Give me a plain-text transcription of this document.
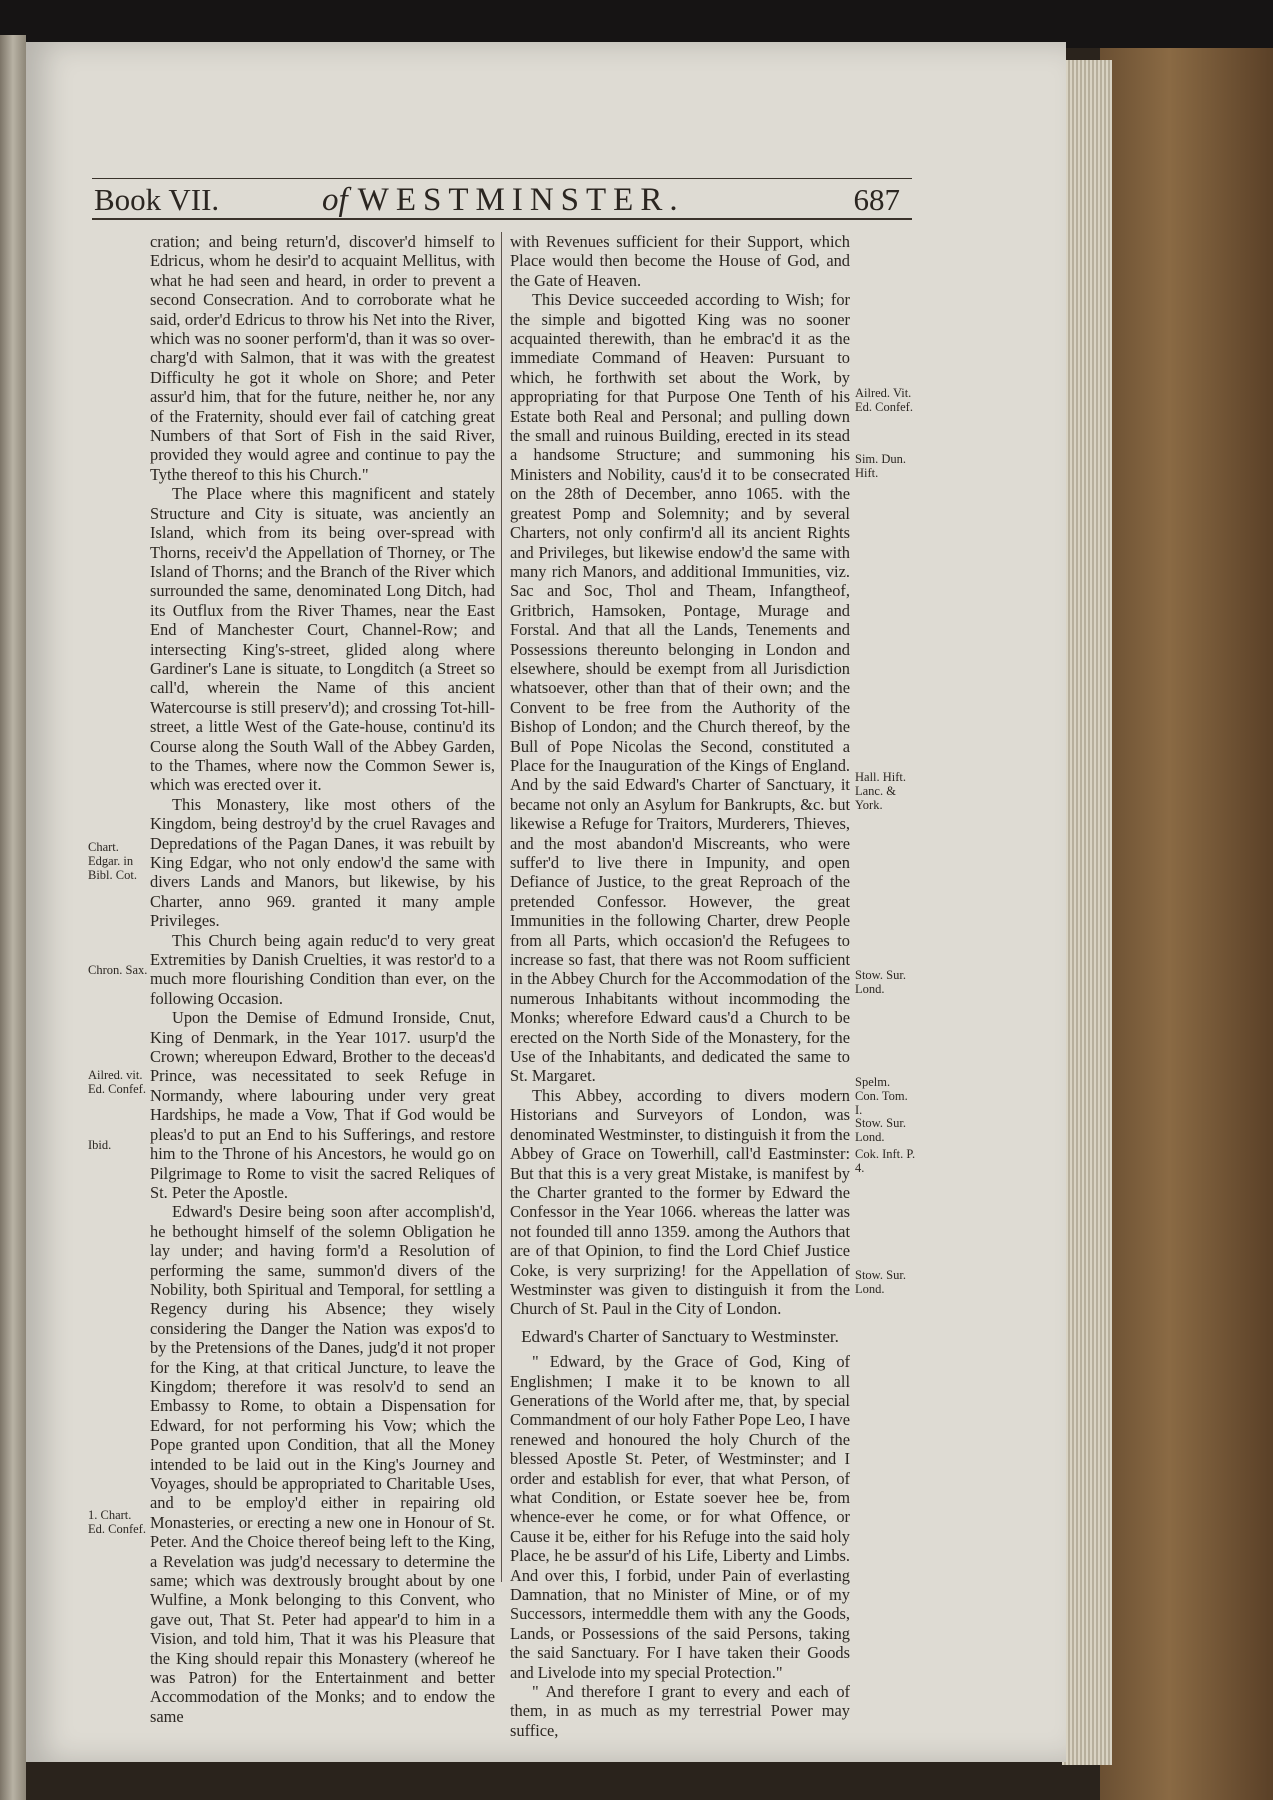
Book VII.	of WESTMINSTER.	687

cration; and being return'd, discover'd himself to Edricus, whom he desir'd to acquaint Mellitus, with what he had seen and heard, in order to prevent a second Consecration. And to corroborate what he said, order'd Edricus to throw his Net into the River, which was no sooner perform'd, than it was so over-charg'd with Salmon, that it was with the greatest Difficulty he got it whole on Shore; and Peter assur'd him, that for the future, neither he, nor any of the Fraternity, should ever fail of catching great Numbers of that Sort of Fish in the said River, provided they would agree and continue to pay the Tythe thereof to this his Church."

The Place where this magnificent and stately Structure and City is situate, was anciently an Island, which from its being over-spread with Thorns, receiv'd the Appellation of Thorney, or The Island of Thorns; and the Branch of the River which surrounded the same, denominated Long Ditch, had its Outflux from the River Thames, near the East End of Manchester Court, Channel-Row; and intersecting King's-street, glided along where Gardiner's Lane is situate, to Longditch (a Street so call'd, wherein the Name of this ancient Watercourse is still preserv'd); and crossing Tot-hill-street, a little West of the Gate-house, continu'd its Course along the South Wall of the Abbey Garden, to the Thames, where now the Common Sewer is, which was erected over it.

This Monastery, like most others of the Kingdom, being destroy'd by the cruel Ravages and Depredations of the Pagan Danes, it was rebuilt by King Edgar, who not only endow'd the same with divers Lands and Manors, but likewise, by his Charter, anno 969. granted it many ample Privileges.

This Church being again reduc'd to very great Extremities by Danish Cruelties, it was restor'd to a much more flourishing Condition than ever, on the following Occasion.

Upon the Demise of Edmund Ironside, Cnut, King of Denmark, in the Year 1017. usurp'd the Crown; whereupon Edward, Brother to the deceas'd Prince, was necessitated to seek Refuge in Normandy, where labouring under very great Hardships, he made a Vow, That if God would be pleas'd to put an End to his Sufferings, and restore him to the Throne of his Ancestors, he would go on Pilgrimage to Rome to visit the sacred Reliques of St. Peter the Apostle.

Edward's Desire being soon after accomplish'd, he bethought himself of the solemn Obligation he lay under; and having form'd a Resolution of performing the same, summon'd divers of the Nobility, both Spiritual and Temporal, for settling a Regency during his Absence; they wisely considering the Danger the Nation was expos'd to by the Pretensions of the Danes, judg'd it not proper for the King, at that critical Juncture, to leave the Kingdom; therefore it was resolv'd to send an Embassy to Rome, to obtain a Dispensation for Edward, for not performing his Vow; which the Pope granted upon Condition, that all the Money intended to be laid out in the King's Journey and Voyages, should be appropriated to Charitable Uses, and to be employ'd either in repairing old Monasteries, or erecting a new one in Honour of St. Peter. And the Choice thereof being left to the King, a Revelation was judg'd necessary to determine the same; which was dextrously brought about by one Wulfine, a Monk belonging to this Convent, who gave out, That St. Peter had appear'd to him in a Vision, and told him, That it was his Pleasure that the King should repair this Monastery (whereof he was Patron) for the Entertainment and better Accommodation of the Monks; and to endow the same

with Revenues sufficient for their Support, which Place would then become the House of God, and the Gate of Heaven.

This Device succeeded according to Wish; for the simple and bigotted King was no sooner acquainted therewith, than he embrac'd it as the immediate Command of Heaven: Pursuant to which, he forthwith set about the Work, by appropriating for that Purpose One Tenth of his Estate both Real and Personal; and pulling down the small and ruinous Building, erected in its stead a handsome Structure; and summoning his Ministers and Nobility, caus'd it to be consecrated on the 28th of December, anno 1065. with the greatest Pomp and Solemnity; and by several Charters, not only confirm'd all its ancient Rights and Privileges, but likewise endow'd the same with many rich Manors, and additional Immunities, viz. Sac and Soc, Thol and Theam, Infangtheof, Gritbrich, Hamsoken, Pontage, Murage and Forstal. And that all the Lands, Tenements and Possessions thereunto belonging in London and elsewhere, should be exempt from all Jurisdiction whatsoever, other than that of their own; and the Convent to be free from the Authority of the Bishop of London; and the Church thereof, by the Bull of Pope Nicolas the Second, constituted a Place for the Inauguration of the Kings of England. And by the said Edward's Charter of Sanctuary, it became not only an Asylum for Bankrupts, &c. but likewise a Refuge for Traitors, Murderers, Thieves, and the most abandon'd Miscreants, who were suffer'd to live there in Impunity, and open Defiance of Justice, to the great Reproach of the pretended Confessor. However, the great Immunities in the following Charter, drew People from all Parts, which occasion'd the Refugees to increase so fast, that there was not Room sufficient in the Abbey Church for the Accommodation of the numerous Inhabitants without incommoding the Monks; wherefore Edward caus'd a Church to be erected on the North Side of the Monastery, for the Use of the Inhabitants, and dedicated the same to St. Margaret.

This Abbey, according to divers modern Historians and Surveyors of London, was denominated Westminster, to distinguish it from the Abbey of Grace on Towerhill, call'd Eastminster: But that this is a very great Mistake, is manifest by the Charter granted to the former by Edward the Confessor in the Year 1066. whereas the latter was not founded till anno 1359. among the Authors that are of that Opinion, to find the Lord Chief Justice Coke, is very surprizing! for the Appellation of Westminster was given to distinguish it from the Church of St. Paul in the City of London.

Edward's Charter of Sanctuary to Westminster.

" Edward, by the Grace of God, King of Englishmen; I make it to be known to all Generations of the World after me, that, by special Commandment of our holy Father Pope Leo, I have renewed and honoured the holy Church of the blessed Apostle St. Peter, of Westminster; and I order and establish for ever, that what Person, of what Condition, or Estate soever hee be, from whence-ever he come, or for what Offence, or Cause it be, either for his Refuge into the said holy Place, he be assur'd of his Life, Liberty and Limbs. And over this, I forbid, under Pain of everlasting Damnation, that no Minister of Mine, or of my Successors, intermeddle them with any the Goods, Lands, or Possessions of the said Persons, taking the said Sanctuary. For I have taken their Goods and Livelode into my special Protection."

" And therefore I grant to every and each of them, in as much as my terrestrial Power may suffice,

Chart. Edgar. in Bibl. Cot.
Chron. Sax.
Ailred. vit. Ed. Confef.
Ibid.
1. Chart. Ed. Confef.
Ailred. Vit. Ed. Confef.
Sim. Dun. Hift.
Hall. Hift. Lanc. & York.
Stow. Sur. Lond.
Spelm. Con. Tom. I.
Stow. Sur. Lond.
Cok. Inft. P. 4.
Stow. Sur. Lond.
